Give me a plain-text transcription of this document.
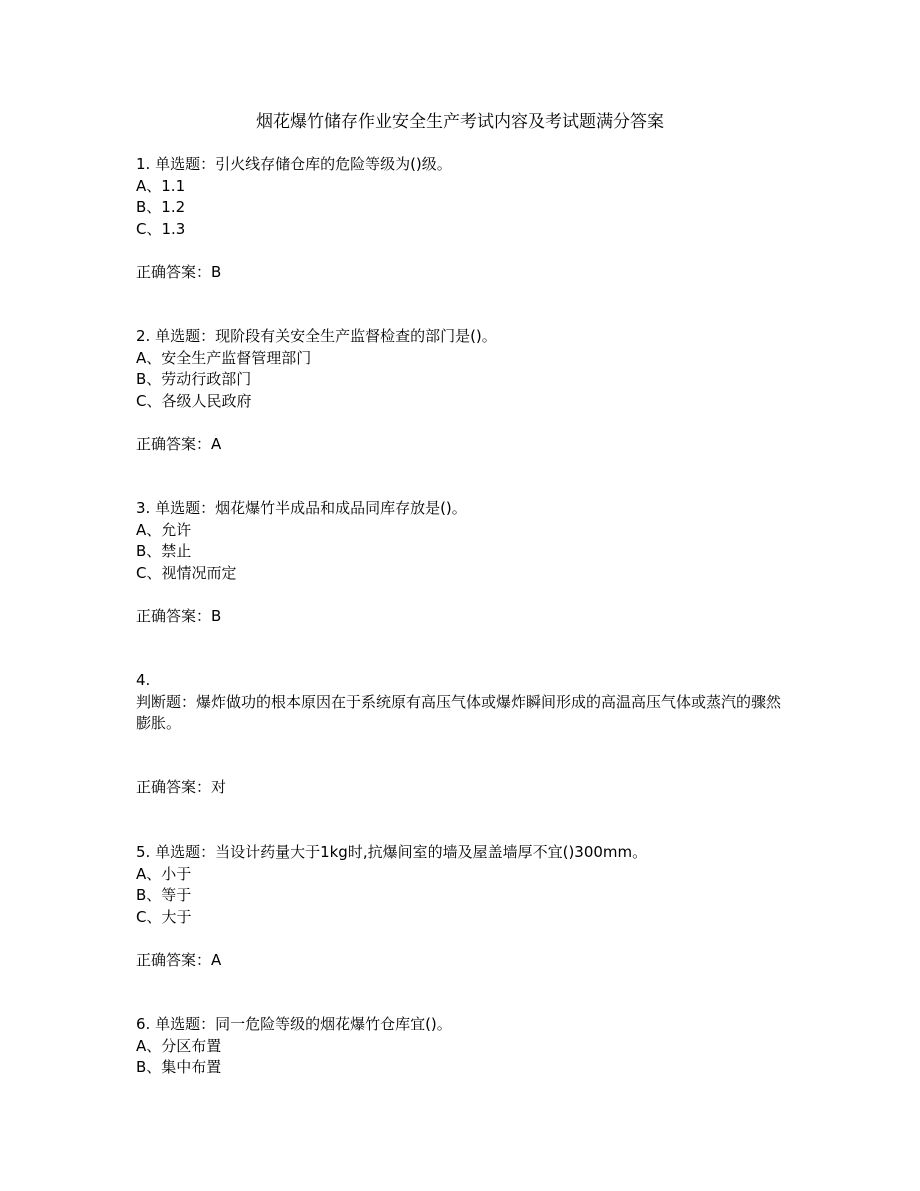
烟花爆竹储存作业安全生产考试内容及考试题满分答案
1. 单选题：引火线存储仓库的危险等级为()级。
A、1.1
B、1.2
C、1.3
正确答案：B
2. 单选题：现阶段有关安全生产监督检查的部门是()。
A、安全生产监督管理部门
B、劳动行政部门
C、各级人民政府
正确答案：A
3. 单选题：烟花爆竹半成品和成品同库存放是()。
A、允许
B、禁止
C、视情况而定
正确答案：B
4.
判断题：爆炸做功的根本原因在于系统原有高压气体或爆炸瞬间形成的高温高压气体或蒸汽的骤然膨胀。
正确答案：对
5. 单选题：当设计药量大于1kg时,抗爆间室的墙及屋盖墙厚不宜()300mm。
A、小于
B、等于
C、大于
正确答案：A
6. 单选题：同一危险等级的烟花爆竹仓库宜()。
A、分区布置
B、集中布置
